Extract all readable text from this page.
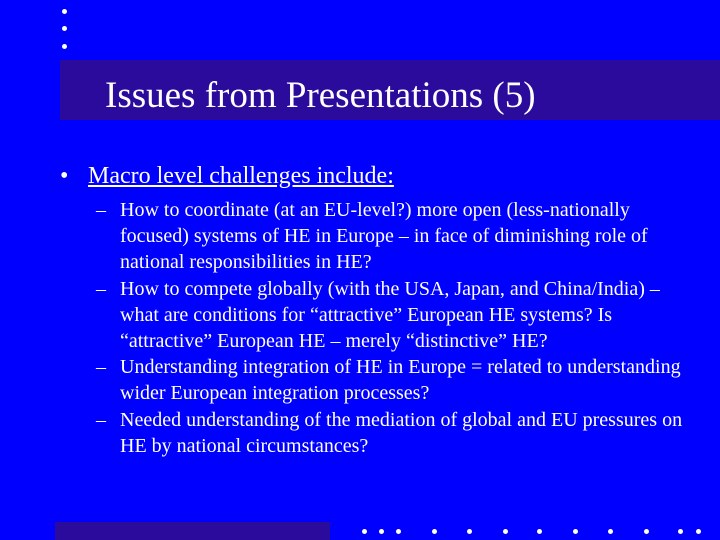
Issues from Presentations (5)
• Macro level challenges include:
– How to coordinate (at an EU-level?) more open (less-nationally focused) systems of HE in Europe – in face of diminishing role of national responsibilities in HE?
– How to compete globally (with the USA, Japan, and China/India) – what are conditions for “attractive” European HE systems? Is “attractive” European HE – merely “distinctive” HE?
– Understanding integration of HE in Europe = related to understanding wider European integration processes?
– Needed understanding of the mediation of global and EU pressures on HE by national circumstances?
